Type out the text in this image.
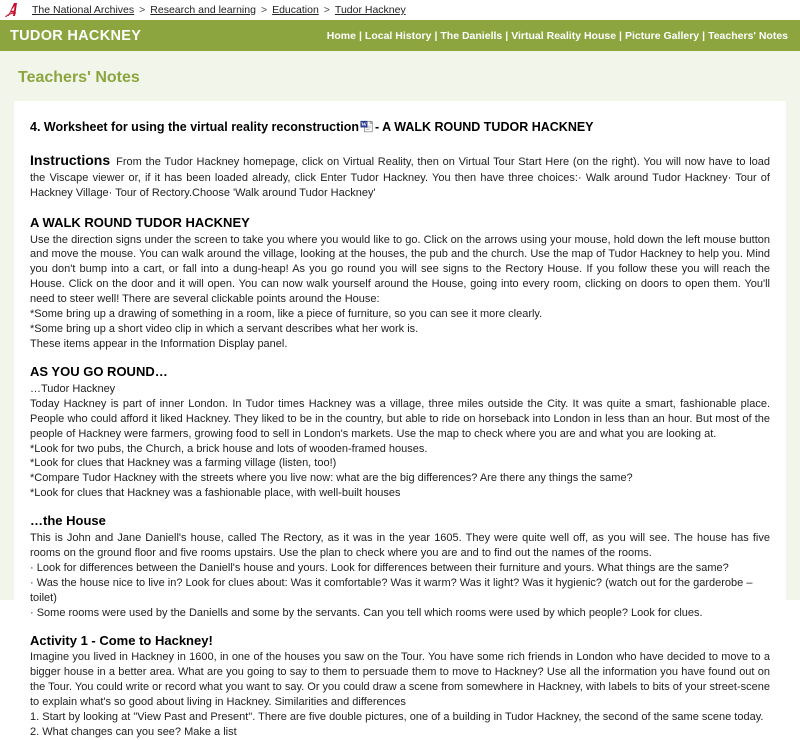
The National Archives > Research and learning > Education > Tudor Hackney
TUDOR HACKNEY	Home | Local History | The Daniells | Virtual Reality House | Picture Gallery | Teachers' Notes
Teachers' Notes
4. Worksheet for using the virtual reality reconstruction W - A WALK ROUND TUDOR HACKNEY
Instructions From the Tudor Hackney homepage, click on Virtual Reality, then on Virtual Tour Start Here (on the right). You will now have to load the Viscape viewer or, if it has been loaded already, click Enter Tudor Hackney. You then have three choices:· Walk around Tudor Hackney· Tour of Hackney Village· Tour of Rectory.Choose 'Walk around Tudor Hackney'
A WALK ROUND TUDOR HACKNEY

Use the direction signs under the screen to take you where you would like to go. Click on the arrows using your mouse, hold down the left mouse button and move the mouse. You can walk around the village, looking at the houses, the pub and the church. Use the map of Tudor Hackney to help you. Mind you don't bump into a cart, or fall into a dung-heap! As you go round you will see signs to the Rectory House. If you follow these you will reach the House. Click on the door and it will open. You can now walk yourself around the House, going into every room, clicking on doors to open them. You'll need to steer well! There are several clickable points around the House:

*Some bring up a drawing of something in a room, like a piece of furniture, so you can see it more clearly.

*Some bring up a short video clip in which a servant describes what her work is.

These items appear in the Information Display panel.

AS YOU GO ROUND…

…Tudor Hackney

Today Hackney is part of inner London. In Tudor times Hackney was a village, three miles outside the City. It was quite a smart, fashionable place. People who could afford it liked Hackney. They liked to be in the country, but able to ride on horseback into London in less than an hour. But most of the people of Hackney were farmers, growing food to sell in London's markets. Use the map to check where you are and what you are looking at.

*Look for two pubs, the Church, a brick house and lots of wooden-framed houses.

*Look for clues that Hackney was a farming village (listen, too!)

*Compare Tudor Hackney with the streets where you live now: what are the big differences? Are there any things the same?

*Look for clues that Hackney was a fashionable place, with well-built houses

…the House

This is John and Jane Daniell's house, called The Rectory, as it was in the year 1605. They were quite well off, as you will see. The house has five rooms on the ground floor and five rooms upstairs. Use the plan to check where you are and to find out the names of the rooms.

· Look for differences between the Daniell's house and yours. Look for differences between their furniture and yours. What things are the same?

· Was the house nice to live in? Look for clues about: Was it comfortable? Was it warm? Was it light? Was it hygienic? (watch out for the garderobe –toilet)

· Some rooms were used by the Daniells and some by the servants. Can you tell which rooms were used by which people? Look for clues.

Activity 1 - Come to Hackney!

Imagine you lived in Hackney in 1600, in one of the houses you saw on the Tour. You have some rich friends in London who have decided to move to a bigger house in a better area. What are you going to say to them to persuade them to move to Hackney? Use all the information you have found out on the Tour. You could write or record what you want to say. Or you could draw a scene from somewhere in Hackney, with labels to bits of your street-scene to explain what's so good about living in Hackney. Similarities and differences

1. Start by looking at "View Past and Present". There are five double pictures, one of a building in Tudor Hackney, the second of the same scene today.

2. What changes can you see? Make a list
